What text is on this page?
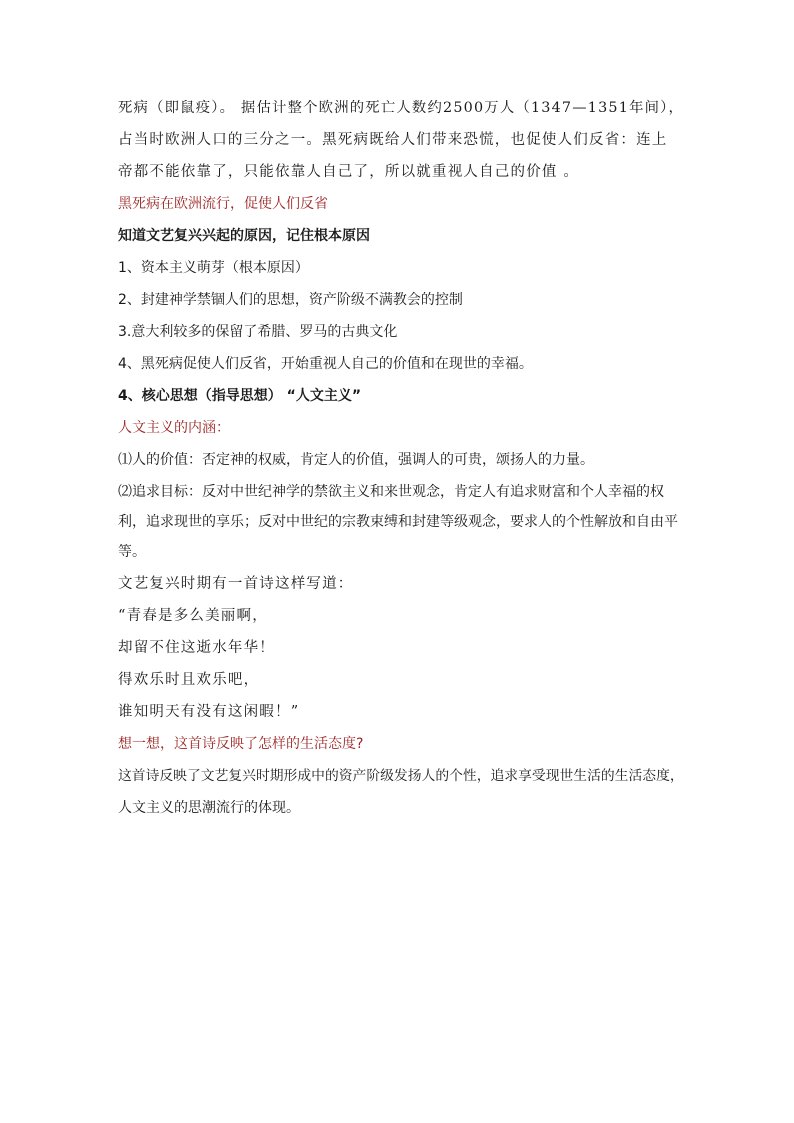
死病（即鼠疫）。 据估计整个欧洲的死亡人数约2500万人（1347—1351年间），
占当时欧洲人口的三分之一。黑死病既给人们带来恐慌，也促使人们反省：连上
帝都不能依靠了，只能依靠人自己了，所以就重视人自己的价值 。
黑死病在欧洲流行，促使人们反省
知道文艺复兴兴起的原因，记住根本原因
1、资本主义萌芽（根本原因）
2、封建神学禁锢人们的思想，资产阶级不满教会的控制
3.意大利较多的保留了希腊、罗马的古典文化
4、黑死病促使人们反省，开始重视人自己的价值和在现世的幸福。
4、核心思想（指导思想） “人文主义”
人文主义的内涵：
⑴人的价值：否定神的权威，肯定人的价值，强调人的可贵，颂扬人的力量。
⑵追求目标：反对中世纪神学的禁欲主义和来世观念，肯定人有追求财富和个人幸福的权
利，追求现世的享乐；反对中世纪的宗教束缚和封建等级观念，要求人的个性解放和自由平
等。
文艺复兴时期有一首诗这样写道：
“青春是多么美丽啊，
却留不住这逝水年华！
得欢乐时且欢乐吧，
谁知明天有没有这闲暇！”
想一想，这首诗反映了怎样的生活态度?
这首诗反映了文艺复兴时期形成中的资产阶级发扬人的个性，追求享受现世生活的生活态度，
人文主义的思潮流行的体现。
